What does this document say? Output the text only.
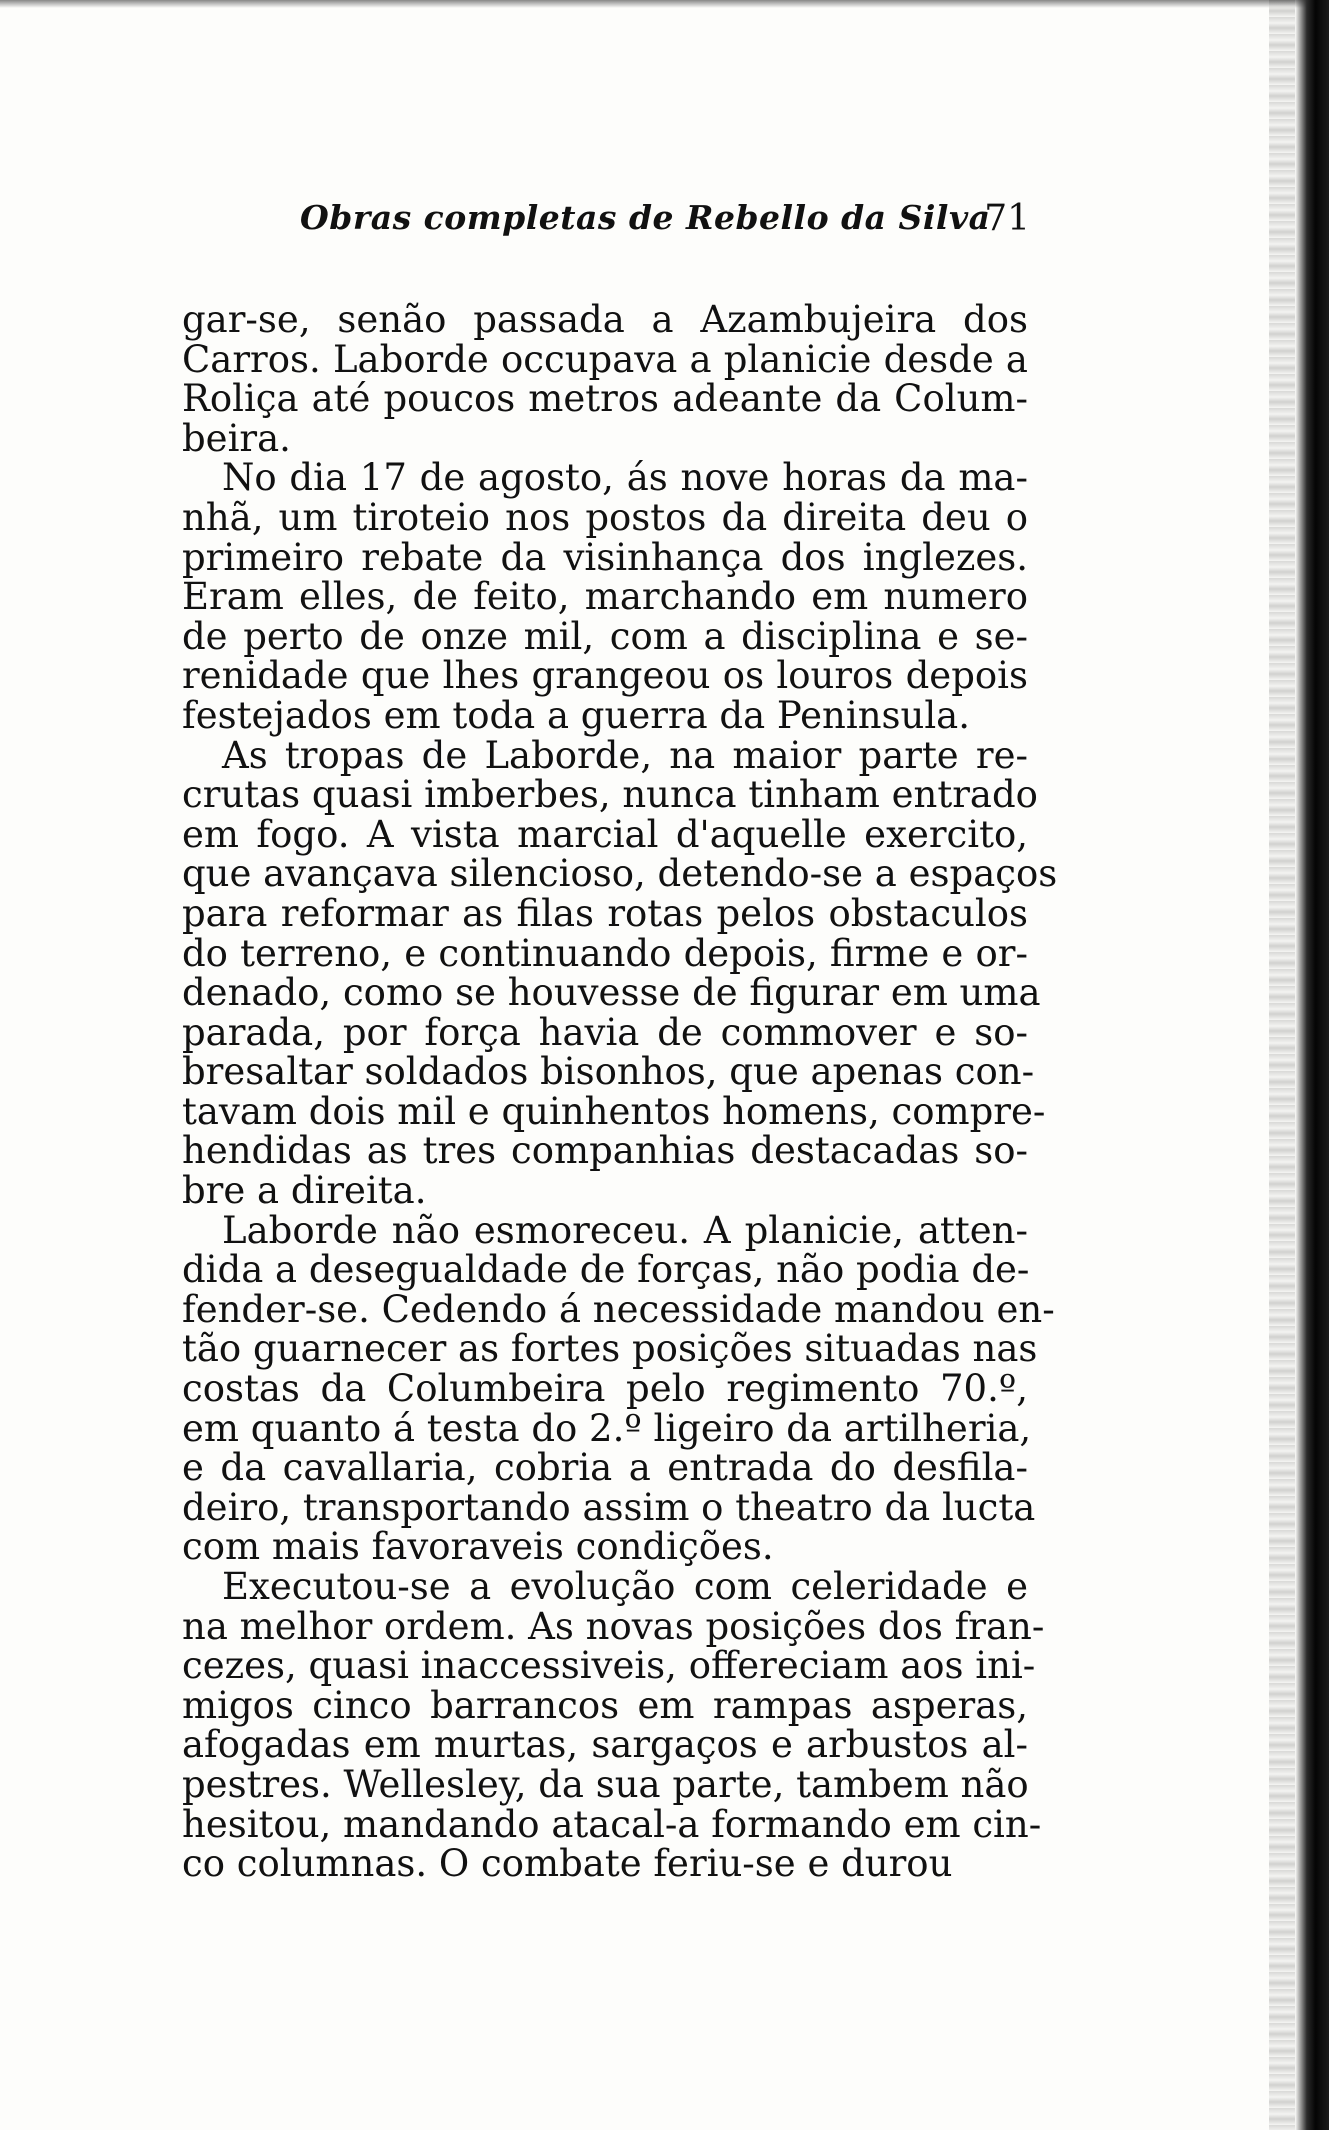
Obras completas de Rebello da Silva
71
gar-se, senão passada a Azambujeira dos
Carros. Laborde occupava a planicie desde a
Roliça até poucos metros adeante da Colum-
beira.
No dia 17 de agosto, ás nove horas da ma-
nhã, um tiroteio nos postos da direita deu o
primeiro rebate da visinhança dos inglezes.
Eram elles, de feito, marchando em numero
de perto de onze mil, com a disciplina e se-
renidade que lhes grangeou os louros depois
festejados em toda a guerra da Peninsula.
As tropas de Laborde, na maior parte re-
crutas quasi imberbes, nunca tinham entrado
em fogo. A vista marcial d'aquelle exercito,
que avançava silencioso, detendo-se a espaços
para reformar as filas rotas pelos obstaculos
do terreno, e continuando depois, firme e or-
denado, como se houvesse de figurar em uma
parada, por força havia de commover e so-
bresaltar soldados bisonhos, que apenas con-
tavam dois mil e quinhentos homens, compre-
hendidas as tres companhias destacadas so-
bre a direita.
Laborde não esmoreceu. A planicie, atten-
dida a desegualdade de forças, não podia de-
fender-se. Cedendo á necessidade mandou en-
tão guarnecer as fortes posições situadas nas
costas da Columbeira pelo regimento 70.º,
em quanto á testa do 2.º ligeiro da artilheria,
e da cavallaria, cobria a entrada do desfila-
deiro, transportando assim o theatro da lucta
com mais favoraveis condições.
Executou-se a evolução com celeridade e
na melhor ordem. As novas posições dos fran-
cezes, quasi inaccessiveis, offereciam aos ini-
migos cinco barrancos em rampas asperas,
afogadas em murtas, sargaços e arbustos al-
pestres. Wellesley, da sua parte, tambem não
hesitou, mandando atacal-a formando em cin-
co columnas. O combate feriu-se e durou
